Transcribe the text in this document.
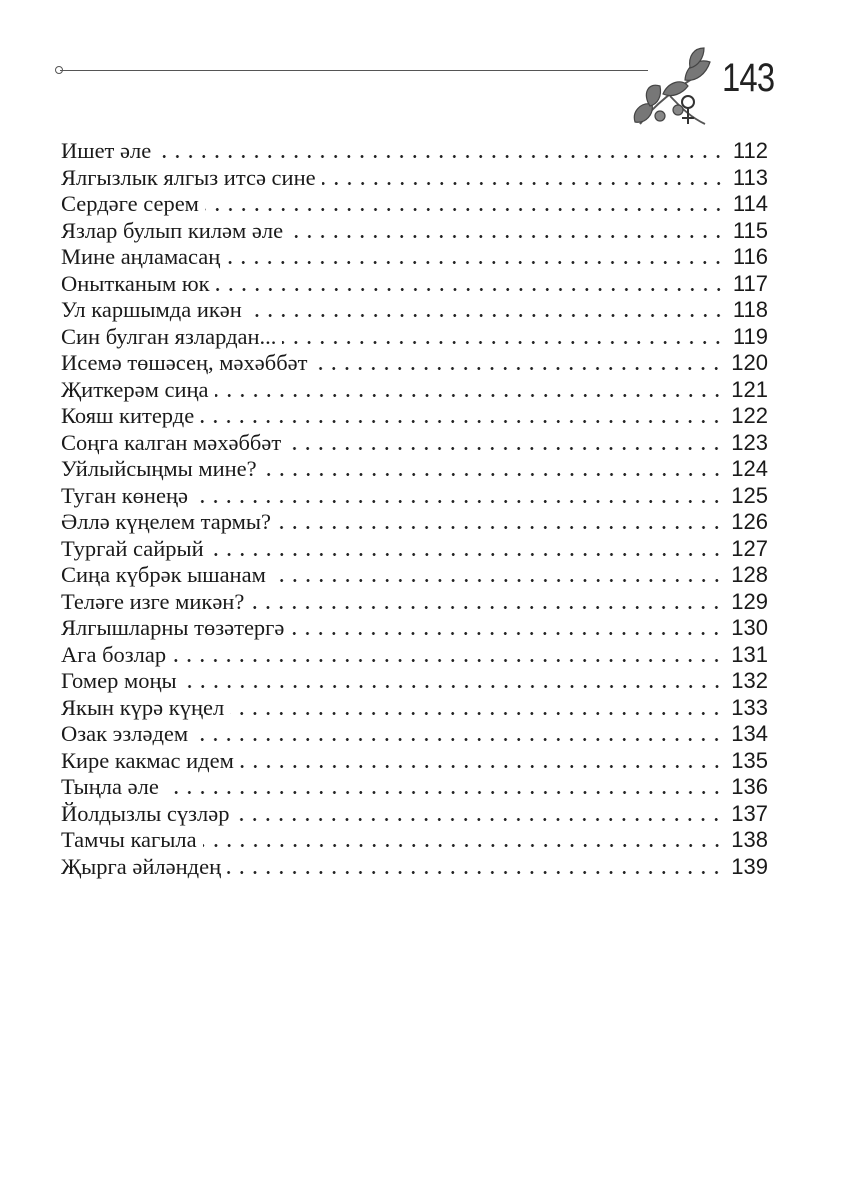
143
Ишет әле	112
Ялгызлык ялгыз итсә сине	113
Сердәге серем	114
Язлар булып киләм әле	115
Мине аңламасаң	116
Онытканым юк	117
Ул каршымда икән	118
Син булган язлардан...	119
Исемә төшәсең, мәхәббәт	120
Җиткерәм сиңа	121
Кояш китерде	122
Соңга калган мәхәббәт	123
Уйлыйсыңмы мине?	124
Туган көнеңә	125
Әллә күңелем тармы?	126
Тургай сайрый	127
Сиңа күбрәк ышанам	128
Теләге изге микән?	129
Ялгышларны төзәтергә	130
Ага бозлар	131
Гомер моңы	132
Якын күрә күңел	133
Озак эзләдем	134
Кире какмас идем	135
Тыңла әле	136
Йолдызлы сүзләр	137
Тамчы кагыла	138
Җырга әйләндең	139
